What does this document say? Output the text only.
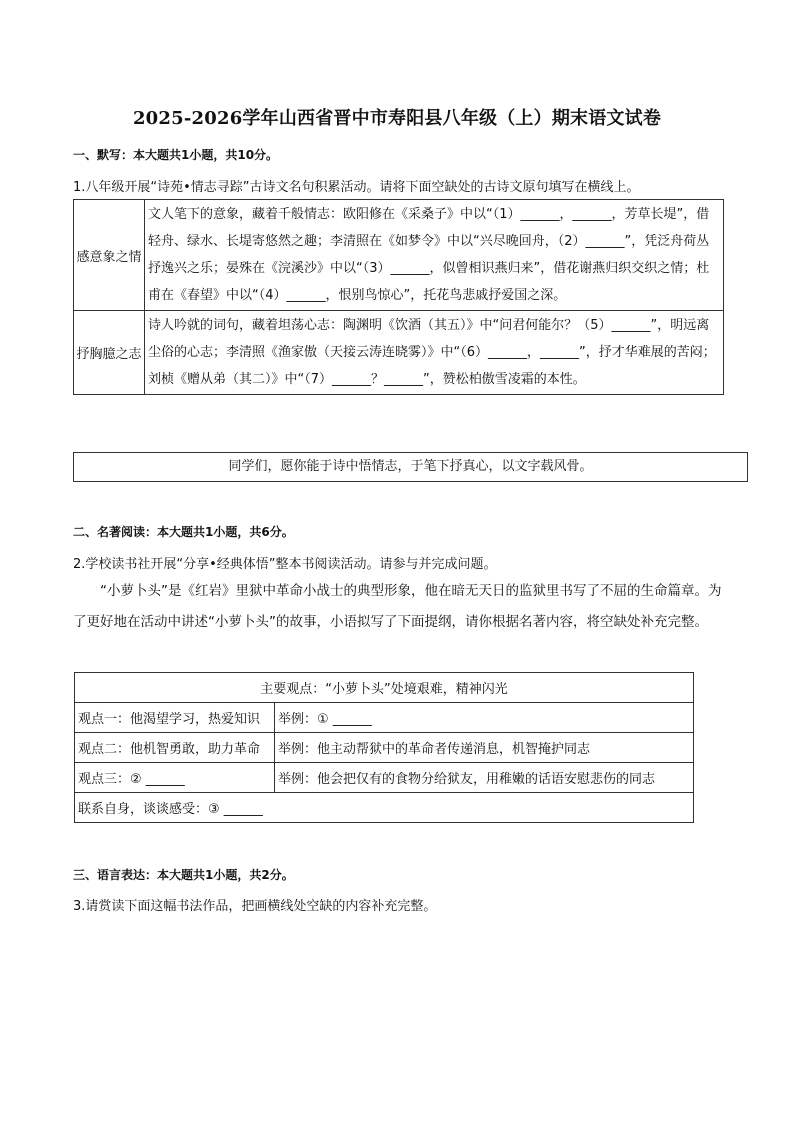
2025-2026学年山西省晋中市寿阳县八年级（上）期末语文试卷
一、默写：本大题共1小题，共10分。
1.八年级开展“诗苑•情志寻踪”古诗文名句积累活动。请将下面空缺处的古诗文原句填写在横线上。
感意象之情	文人笔下的意象，藏着千般情志：欧阳修在《采桑子》中以“（1）______，______，芳草长堤”，借轻舟、绿水、长堤寄悠然之趣；李清照在《如梦令》中以“兴尽晚回舟，（2）______”，凭泛舟荷丛抒逸兴之乐；晏殊在《浣溪沙》中以“（3）______，似曾相识燕归来”，借花谢燕归织交织之情；杜甫在《春望》中以“（4）______，恨别鸟惊心”，托花鸟悲戚抒爱国之深。
抒胸臆之志	诗人吟就的词句，藏着坦荡心志：陶渊明《饮酒（其五）》中“问君何能尔？（5）______”，明远离尘俗的心志；李清照《渔家傲（天接云涛连晓雾）》中“（6）______，______”，抒才华难展的苦闷；刘桢《赠从弟（其二）》中“（7）______？______”，赞松柏傲雪凌霜的本性。
同学们，愿你能于诗中悟情志，于笔下抒真心，以文字载风骨。
二、名著阅读：本大题共1小题，共6分。
2.学校读书社开展“分享•经典体悟”整本书阅读活动。请参与并完成问题。
“小萝卜头”是《红岩》里狱中革命小战士的典型形象，他在暗无天日的监狱里书写了不屈的生命篇章。为了更好地在活动中讲述“小萝卜头”的故事，小语拟写了下面提纲，请你根据名著内容，将空缺处补充完整。
主要观点：“小萝卜头”处境艰难，精神闪光	
观点一：他渴望学习，热爱知识	举例：① ______
观点二：他机智勇敢，助力革命	举例：他主动帮狱中的革命者传递消息，机智掩护同志
观点三：② ______	举例：他会把仅有的食物分给狱友，用稚嫩的话语安慰悲伤的同志
联系自身，谈谈感受：③ ______	
三、语言表达：本大题共1小题，共2分。
3.请赏读下面这幅书法作品，把画横线处空缺的内容补充完整。
